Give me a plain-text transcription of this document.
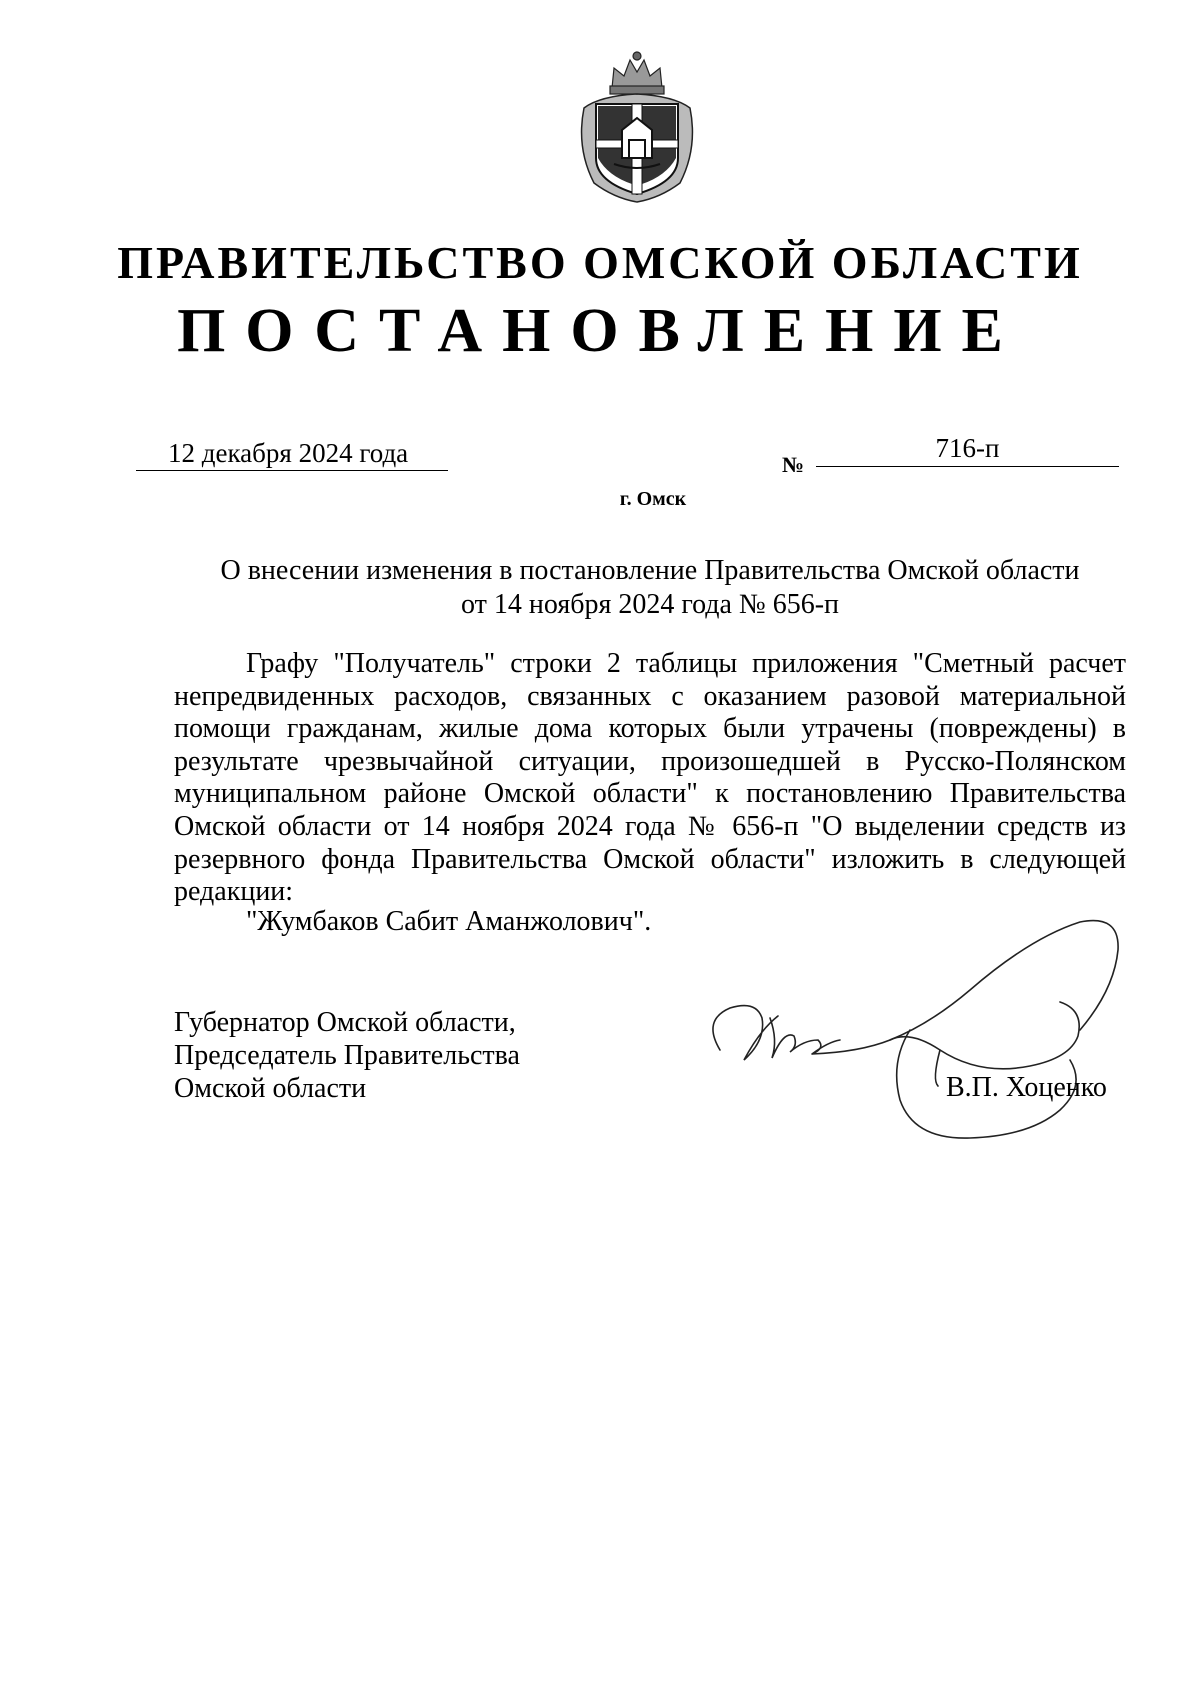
ПРАВИТЕЛЬСТВО ОМСКОЙ ОБЛАСТИ
ПОСТАНОВЛЕНИЕ
12 декабря 2024 года	№
716-п
г. Омск
О внесении изменения в постановление Правительства Омской области
от 14 ноября 2024 года № 656-п

Графу "Получатель" строки 2 таблицы приложения "Сметный расчет непредвиденных расходов, связанных с оказанием разовой материальной помощи гражданам, жилые дома которых были утрачены (повреждены) в результате чрезвычайной ситуации, произошедшей в Русско-Полянском муниципальном районе Омской области" к постановлению Правительства Омской области от 14 ноября 2024 года № 656-п "О выделении средств из резервного фонда Правительства Омской области" изложить в следующей редакции:

"Жумбаков Сабит Аманжолович".
Губернатор Омской области,
Председатель Правительства
Омской области	В.П. Хоценко
